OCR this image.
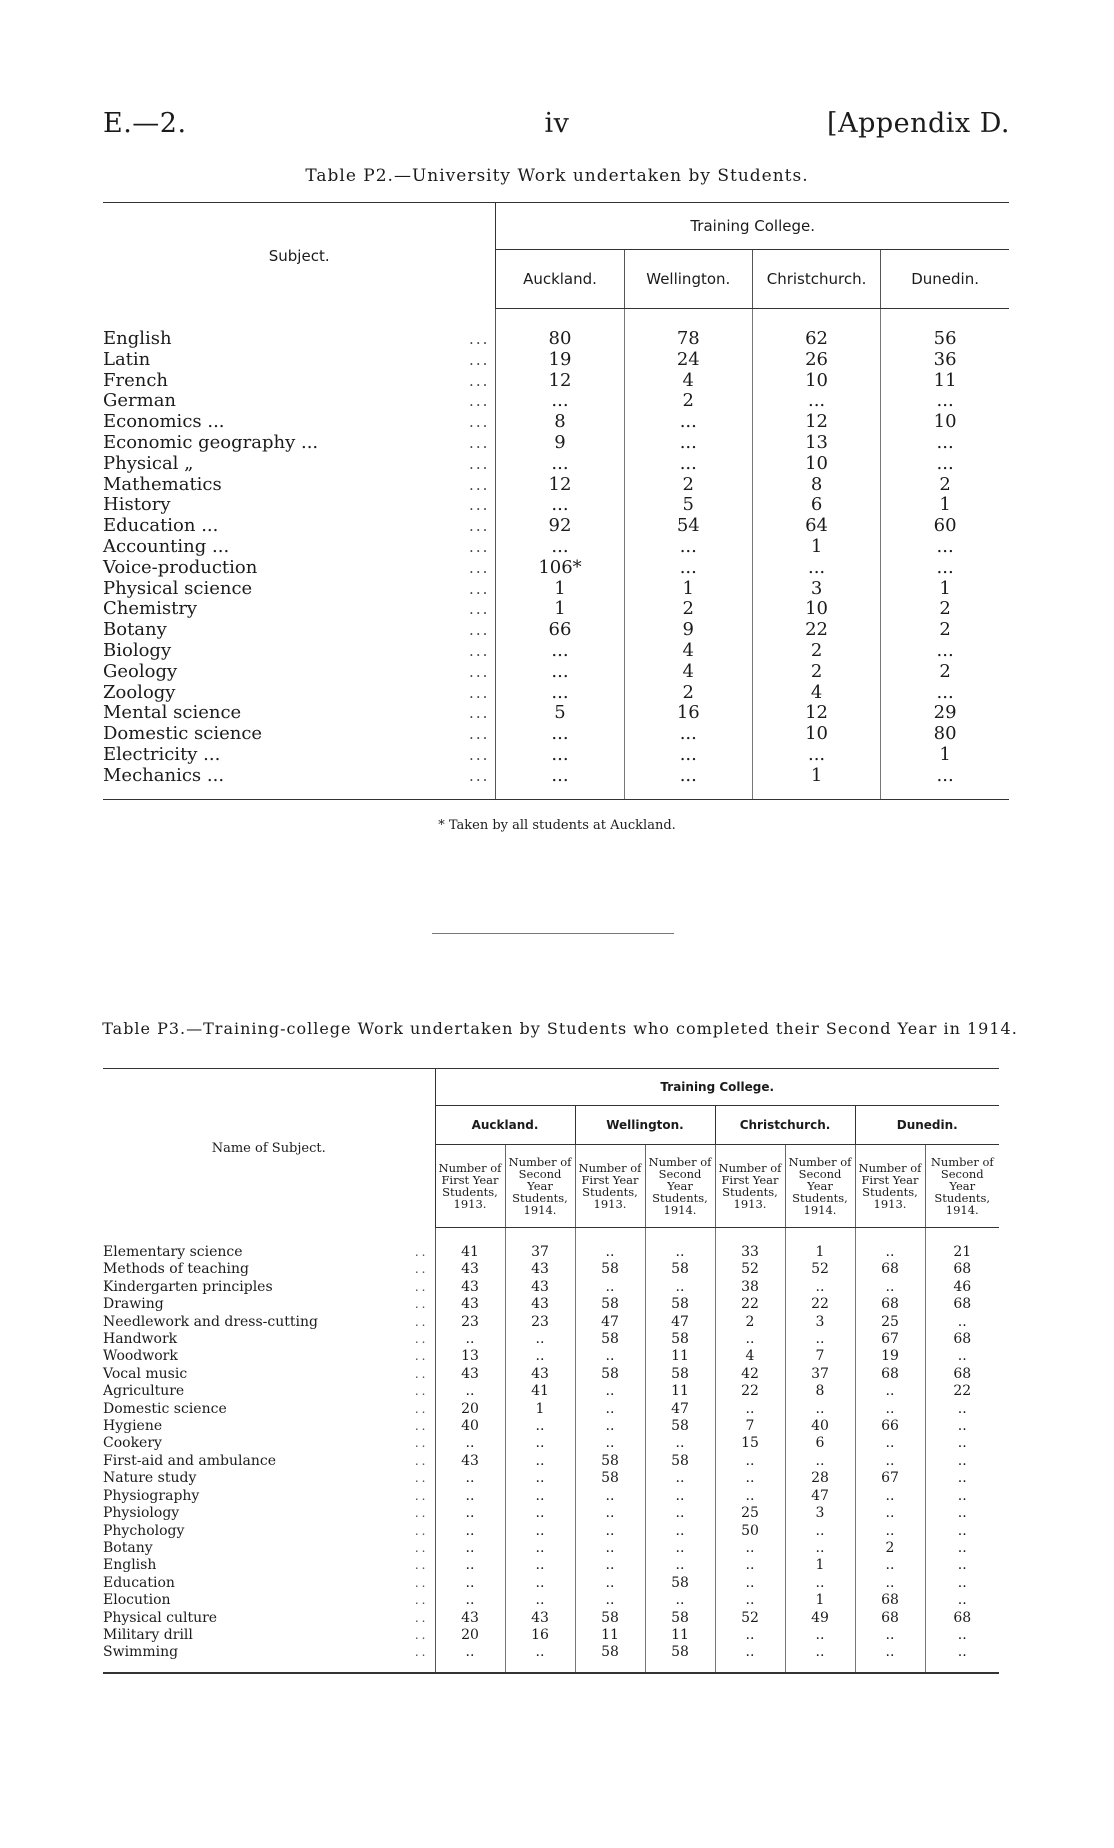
E.—2.	iv	[Appendix D.
Table P2.—University Work undertaken by Students.
Subject.	Training College.			
	Auckland.	Wellington.	Christchurch.	Dunedin.
English ...	80	78	62	56
Latin ...	19	24	26	36
French ...	12	4	10	11
German ...	...	2	...	...
Economics ... ...	8	...	12	10
Economic geography ... ...	9	...	13	...
Physical „ ...	...	...	10	...
Mathematics ...	12	2	8	2
History ...	...	5	6	1
Education ... ...	92	54	64	60
Accounting ... ...	...	...	1	...
Voice-production ...	106*	...	...	...
Physical science ...	1	1	3	1
Chemistry ...	1	2	10	2
Botany ...	66	9	22	2
Biology ...	...	4	2	...
Geology ...	...	4	2	2
Zoology ...	...	2	4	...
Mental science ...	5	16	12	29
Domestic science ...	...	...	10	80
Electricity ... ...	...	...	...	1
Mechanics ... ...	...	...	1	...
* Taken by all students at Auckland.
Table P3.—Training-college Work undertaken by Students who completed their Second Year in 1914.
Name of Subject.	Training College.							
	Auckland.		Wellington.		Christchurch.		Dunedin.	
	Number of First Year Students, 1913.	Number of Second Year Students, 1914.	Number of First Year Students, 1913.	Number of Second Year Students, 1914.	Number of First Year Students, 1913.	Number of Second Year Students, 1914.	Number of First Year Students, 1913.	Number of Second Year Students, 1914.
Elementary science ..	41	37	..	..	33	1	..	21
Methods of teaching ..	43	43	58	58	52	52	68	68
Kindergarten principles ..	43	43	..	..	38	..	..	46
Drawing ..	43	43	58	58	22	22	68	68
Needlework and dress-cutting ..	23	23	47	47	2	3	25	..
Handwork ..	..	..	58	58	..	..	67	68
Woodwork ..	13	..	..	11	4	7	19	..
Vocal music ..	43	43	58	58	42	37	68	68
Agriculture ..	..	41	..	11	22	8	..	22
Domestic science ..	20	1	..	47	..	..	..	..
Hygiene ..	40	..	..	58	7	40	66	..
Cookery ..	..	..	..	..	15	6	..	..
First-aid and ambulance ..	43	..	58	58	..	..	..	..
Nature study ..	..	..	58	..	..	28	67	..
Physiography ..	..	..	..	..	..	47	..	..
Physiology ..	..	..	..	..	25	3	..	..
Phychology ..	..	..	..	..	50	..	..	..
Botany ..	..	..	..	..	..	..	2	..
English ..	..	..	..	..	..	1	..	..
Education ..	..	..	..	58	..	..	..	..
Elocution ..	..	..	..	..	..	1	68	..
Physical culture ..	43	43	58	58	52	49	68	68
Military drill ..	20	16	11	11	..	..	..	..
Swimming ..	..	..	58	58	..	..	..	..
